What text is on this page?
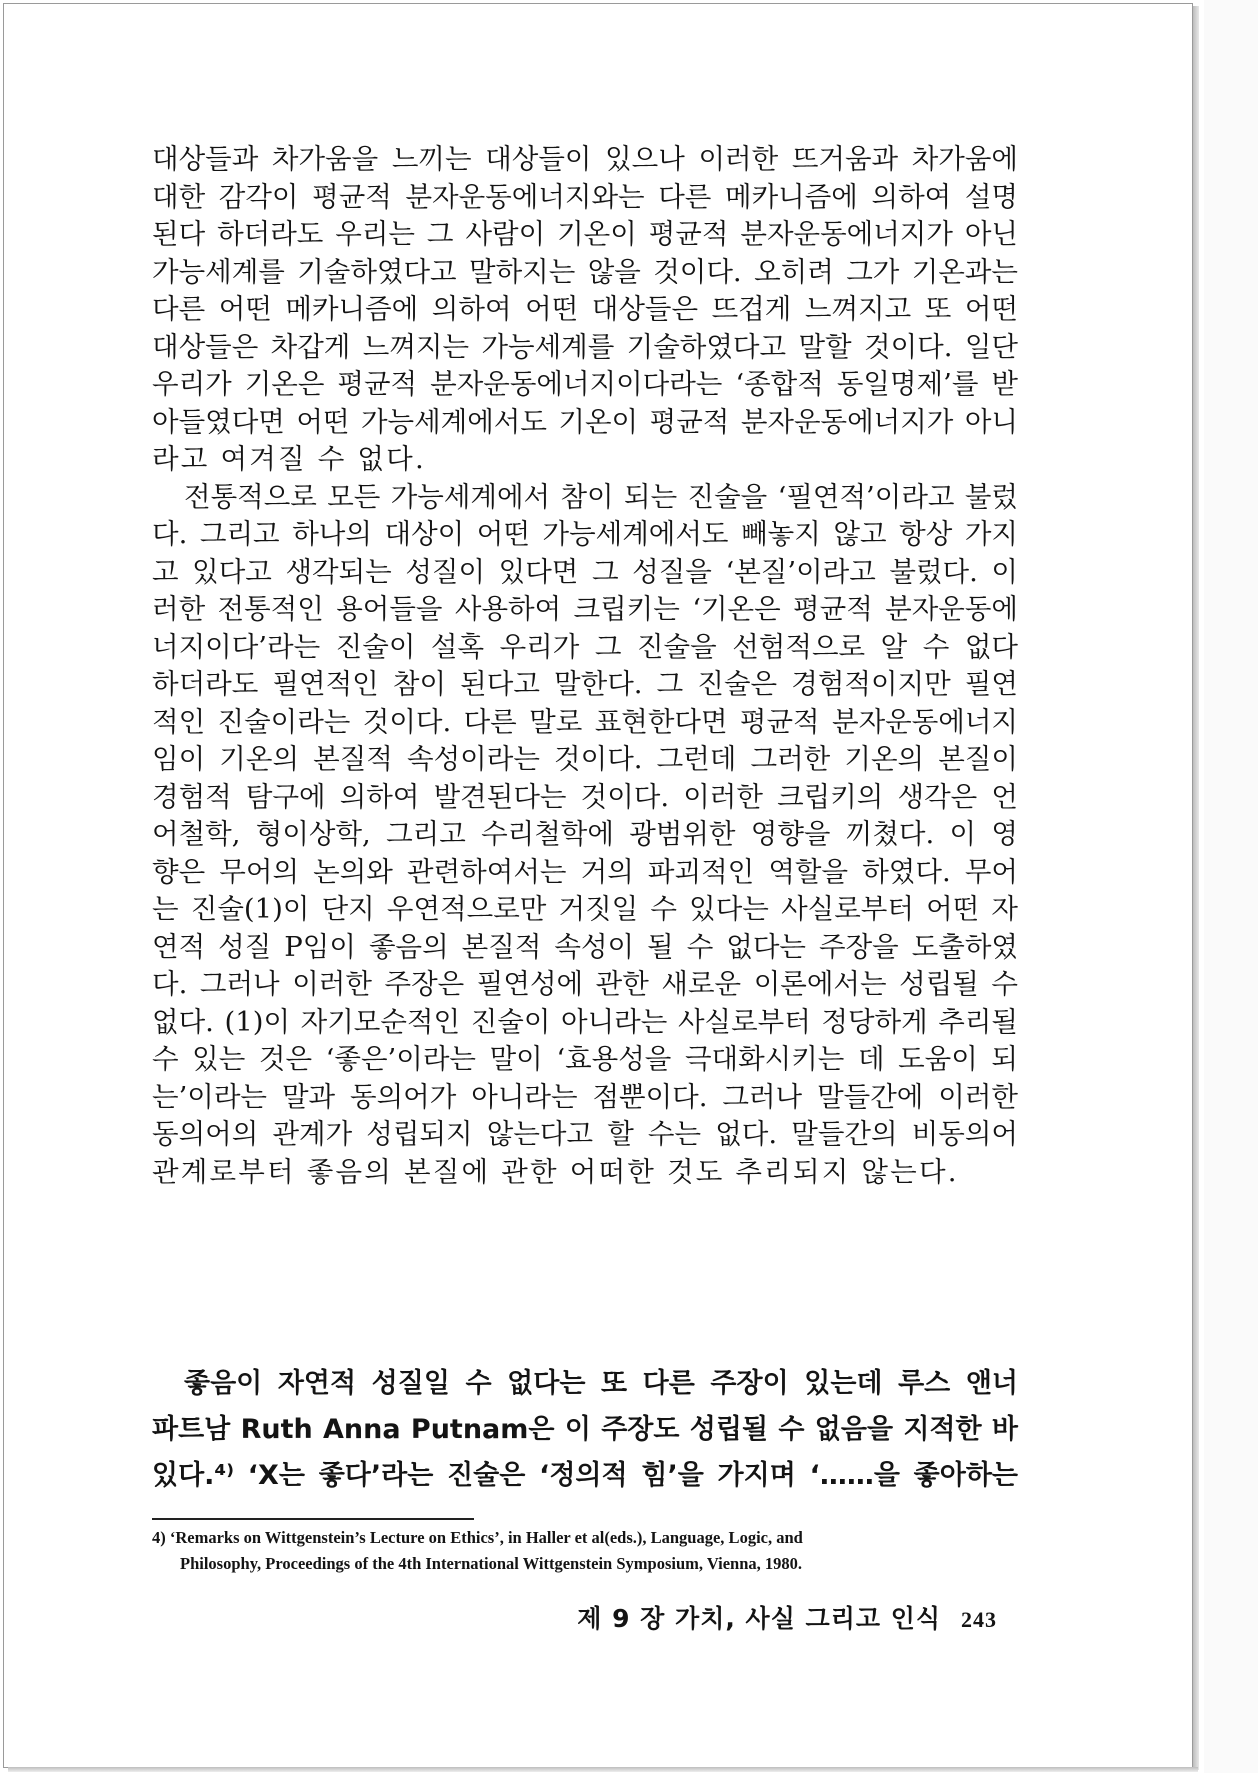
대상들과 차가움을 느끼는 대상들이 있으나 이러한 뜨거움과 차가움에
대한 감각이 평균적 분자운동에너지와는 다른 메카니즘에 의하여 설명
된다 하더라도 우리는 그 사람이 기온이 평균적 분자운동에너지가 아닌
가능세계를 기술하였다고 말하지는 않을 것이다. 오히려 그가 기온과는
다른 어떤 메카니즘에 의하여 어떤 대상들은 뜨겁게 느껴지고 또 어떤
대상들은 차갑게 느껴지는 가능세계를 기술하였다고 말할 것이다. 일단
우리가 기온은 평균적 분자운동에너지이다라는 ‘종합적 동일명제’를 받
아들였다면 어떤 가능세계에서도 기온이 평균적 분자운동에너지가 아니
라고 여겨질 수 없다.
전통적으로 모든 가능세계에서 참이 되는 진술을 ‘필연적’이라고 불렀
다. 그리고 하나의 대상이 어떤 가능세계에서도 빼놓지 않고 항상 가지
고 있다고 생각되는 성질이 있다면 그 성질을 ‘본질’이라고 불렀다. 이
러한 전통적인 용어들을 사용하여 크립키는 ‘기온은 평균적 분자운동에
너지이다’라는 진술이 설혹 우리가 그 진술을 선험적으로 알 수 없다
하더라도 필연적인 참이 된다고 말한다. 그 진술은 경험적이지만 필연
적인 진술이라는 것이다. 다른 말로 표현한다면 평균적 분자운동에너지
임이 기온의 본질적 속성이라는 것이다. 그런데 그러한 기온의 본질이
경험적 탐구에 의하여 발견된다는 것이다. 이러한 크립키의 생각은 언
어철학, 형이상학, 그리고 수리철학에 광범위한 영향을 끼쳤다. 이 영
향은 무어의 논의와 관련하여서는 거의 파괴적인 역할을 하였다. 무어
는 진술(1)이 단지 우연적으로만 거짓일 수 있다는 사실로부터 어떤 자
연적 성질 P임이 좋음의 본질적 속성이 될 수 없다는 주장을 도출하였
다. 그러나 이러한 주장은 필연성에 관한 새로운 이론에서는 성립될 수
없다. (1)이 자기모순적인 진술이 아니라는 사실로부터 정당하게 추리될
수 있는 것은 ‘좋은’이라는 말이 ‘효용성을 극대화시키는 데 도움이 되
는’이라는 말과 동의어가 아니라는 점뿐이다. 그러나 말들간에 이러한
동의어의 관계가 성립되지 않는다고 할 수는 없다. 말들간의 비동의어
관계로부터 좋음의 본질에 관한 어떠한 것도 추리되지 않는다.
좋음이 자연적 성질일 수 없다는 또 다른 주장이 있는데 루스 앤너
파트남 Ruth Anna Putnam은 이 주장도 성립될 수 없음을 지적한 바
있다.⁴⁾ ‘X는 좋다’라는 진술은 ‘정의적 힘’을 가지며 ‘……을 좋아하는
4) ‘Remarks on Wittgenstein’s Lecture on Ethics’, in Haller et al(eds.), Language, Logic, and
Philosophy, Proceedings of the 4th International Wittgenstein Symposium, Vienna, 1980.
제 9 장 가치, 사실 그리고 인식 243
